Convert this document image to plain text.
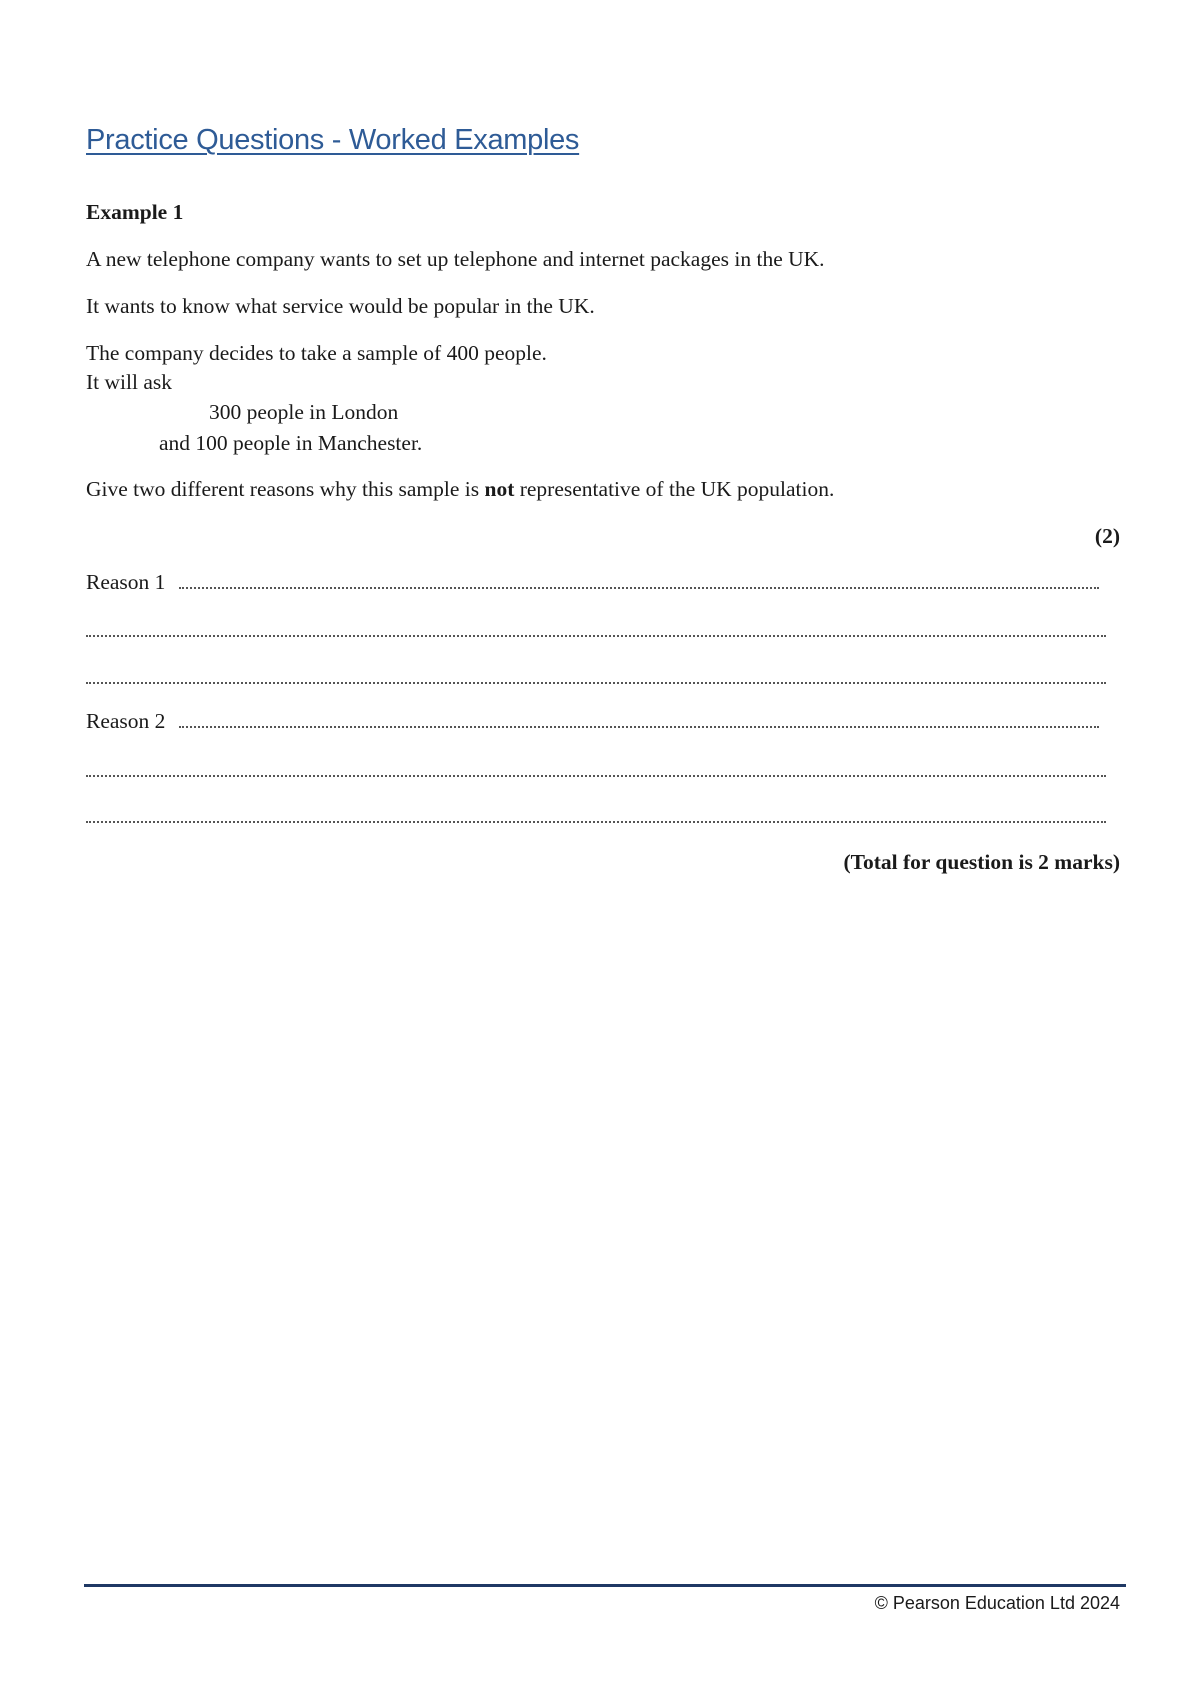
Practice Questions - Worked Examples
Example 1
A new telephone company wants to set up telephone and internet packages in the UK.
It wants to know what service would be popular in the UK.
The company decides to take a sample of 400 people.
It will ask
300 people in London
and 100 people in Manchester.
Give two different reasons why this sample is not representative of the UK population.
(2)
Reason 1
Reason 2
(Total for question is 2 marks)
© Pearson Education Ltd 2024
